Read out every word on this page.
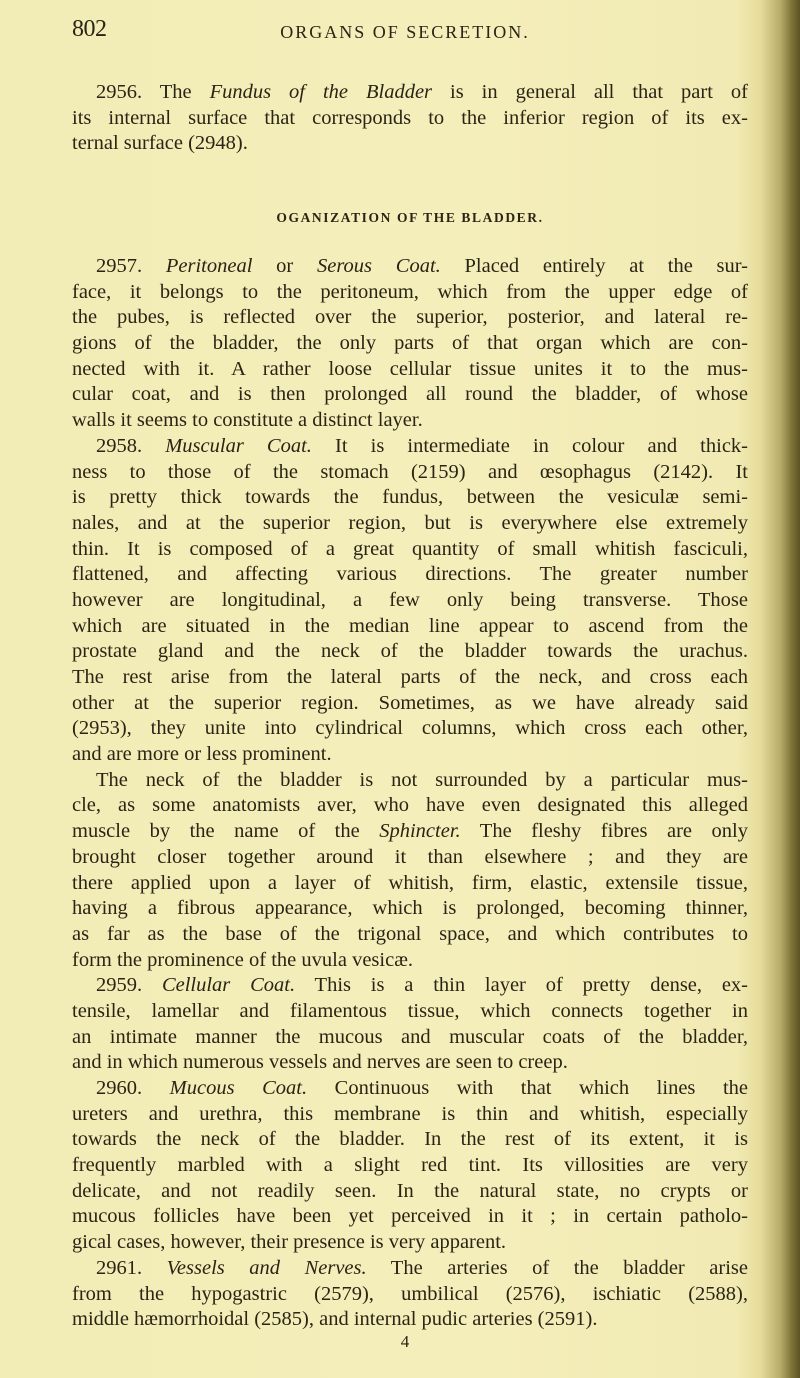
802	ORGANS OF SECRETION.
2956. The Fundus of the Bladder is in general all that part of
its internal surface that corresponds to the inferior region of its ex-
ternal surface (2948).
OGANIZATION OF THE BLADDER.
2957. Peritoneal or Serous Coat. Placed entirely at the sur-
face, it belongs to the peritoneum, which from the upper edge of
the pubes, is reflected over the superior, posterior, and lateral re-
gions of the bladder, the only parts of that organ which are con-
nected with it. A rather loose cellular tissue unites it to the mus-
cular coat, and is then prolonged all round the bladder, of whose
walls it seems to constitute a distinct layer.
2958. Muscular Coat. It is intermediate in colour and thick-
ness to those of the stomach (2159) and œsophagus (2142). It
is pretty thick towards the fundus, between the vesiculæ semi-
nales, and at the superior region, but is everywhere else extremely
thin. It is composed of a great quantity of small whitish fasciculi,
flattened, and affecting various directions. The greater number
however are longitudinal, a few only being transverse. Those
which are situated in the median line appear to ascend from the
prostate gland and the neck of the bladder towards the urachus.
The rest arise from the lateral parts of the neck, and cross each
other at the superior region. Sometimes, as we have already said
(2953), they unite into cylindrical columns, which cross each other,
and are more or less prominent.
The neck of the bladder is not surrounded by a particular mus-
cle, as some anatomists aver, who have even designated this alleged
muscle by the name of the Sphincter. The fleshy fibres are only
brought closer together around it than elsewhere ; and they are
there applied upon a layer of whitish, firm, elastic, extensile tissue,
having a fibrous appearance, which is prolonged, becoming thinner,
as far as the base of the trigonal space, and which contributes to
form the prominence of the uvula vesicæ.
2959. Cellular Coat. This is a thin layer of pretty dense, ex-
tensile, lamellar and filamentous tissue, which connects together in
an intimate manner the mucous and muscular coats of the bladder,
and in which numerous vessels and nerves are seen to creep.
2960. Mucous Coat. Continuous with that which lines the
ureters and urethra, this membrane is thin and whitish, especially
towards the neck of the bladder. In the rest of its extent, it is
frequently marbled with a slight red tint. Its villosities are very
delicate, and not readily seen. In the natural state, no crypts or
mucous follicles have been yet perceived in it ; in certain patholo-
gical cases, however, their presence is very apparent.
2961. Vessels and Nerves. The arteries of the bladder arise
from the hypogastric (2579), umbilical (2576), ischiatic (2588),
middle hæmorrhoidal (2585), and internal pudic arteries (2591).
4
